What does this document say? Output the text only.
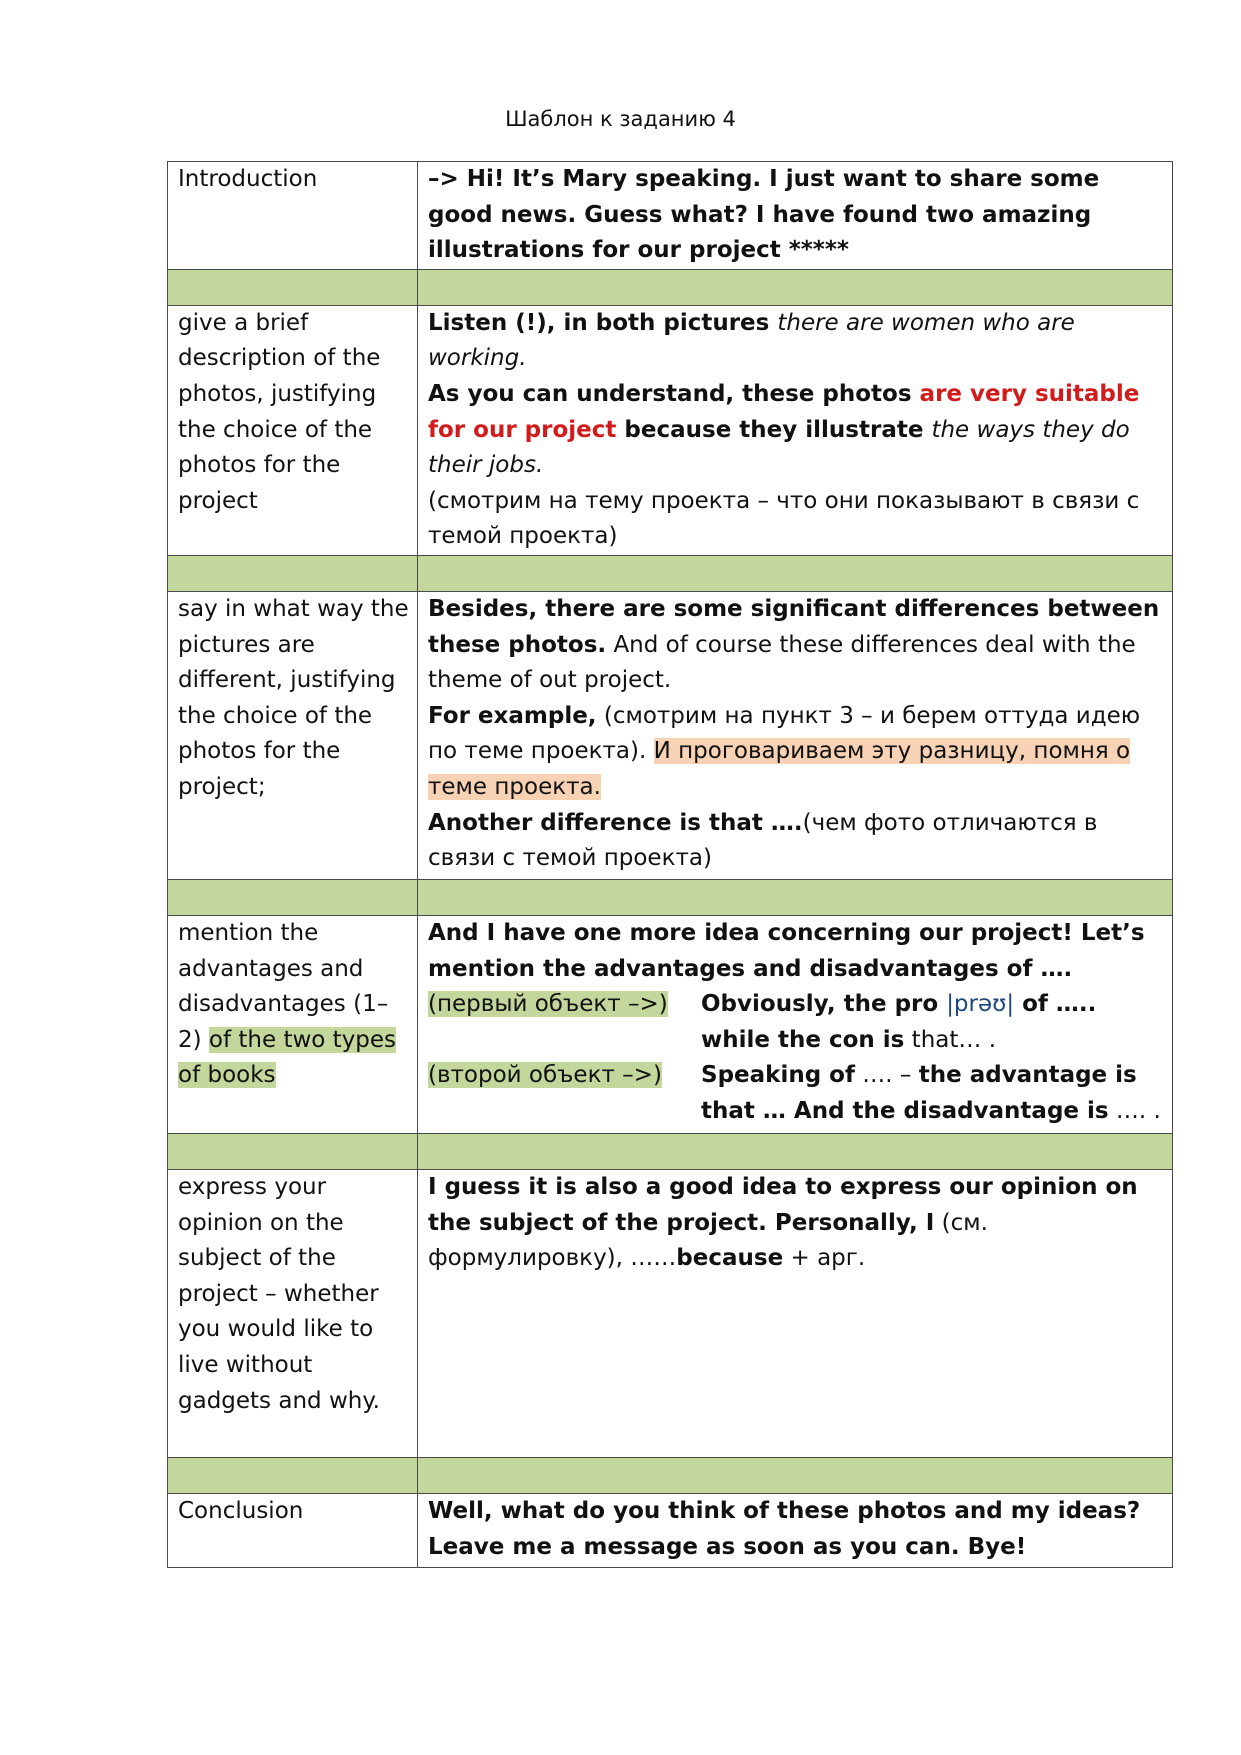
Шаблон к заданию 4
Introduction	–> Hi! It’s Mary speaking. I just want to share some good news. Guess what? I have found two amazing illustrations for our project *****

give a brief description of the photos, justifying the choice of the photos for the project	Listen (!), in both pictures there are women who are working.
As you can understand, these photos are very suitable for our project because they illustrate the ways they do their jobs.
(смотрим на тему проекта – что они показывают в связи с темой проекта)

say in what way the pictures are different, justifying the choice of the photos for the project;	Besides, there are some significant differences between these photos. And of course these differences deal with the theme of out project.
For example, (смотрим на пункт 3 – и берем оттуда идею по теме проекта). И проговариваем эту разницу, помня о теме проекта.
Another difference is that ….(чем фото отличаются в связи с темой проекта)

mention the advantages and disadvantages (1–2) of the two types of books	And I have one more idea concerning our project! Let’s mention the advantages and disadvantages of ….
(первый объект –>) Obviously, the pro |prəʊ| of ….. while the con is that… .
(второй объект –>) Speaking of …. – the advantage is that … And the disadvantage is …. .

express your opinion on the subject of the project – whether you would like to live without gadgets and why.	I guess it is also a good idea to express our opinion on the subject of the project. Personally, I (см. формулировку), ……because + арг.

Conclusion	Well, what do you think of these photos and my ideas? Leave me a message as soon as you can. Bye!
